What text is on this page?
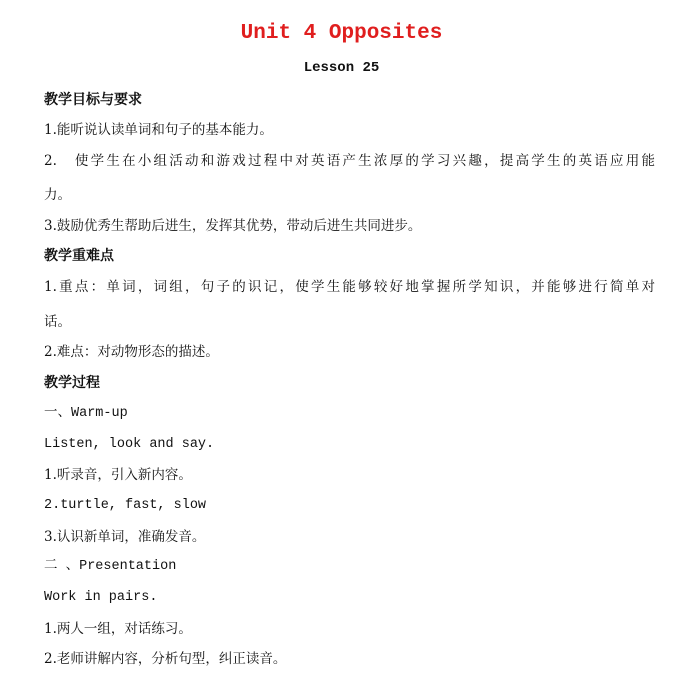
Unit 4 Opposites
Lesson 25
教学目标与要求
1.能听说认读单词和句子的基本能力。
2.　使学生在小组活动和游戏过程中对英语产生浓厚的学习兴趣，提高学生的英语应用能
力。
3.鼓励优秀生帮助后进生，发挥其优势，带动后进生共同进步。
教学重难点
1.重点：单词，词组，句子的识记，使学生能够较好地掌握所学知识，并能够进行简单对
话。
2.难点：对动物形态的描述。
教学过程
一、Warm-up
Listen, look and say.
1.听录音，引入新内容。
2.turtle, fast, slow
3.认识新单词，准确发音。
二 、Presentation
Work in pairs.
1.两人一组，对话练习。
2.老师讲解内容，分析句型，纠正读音。
